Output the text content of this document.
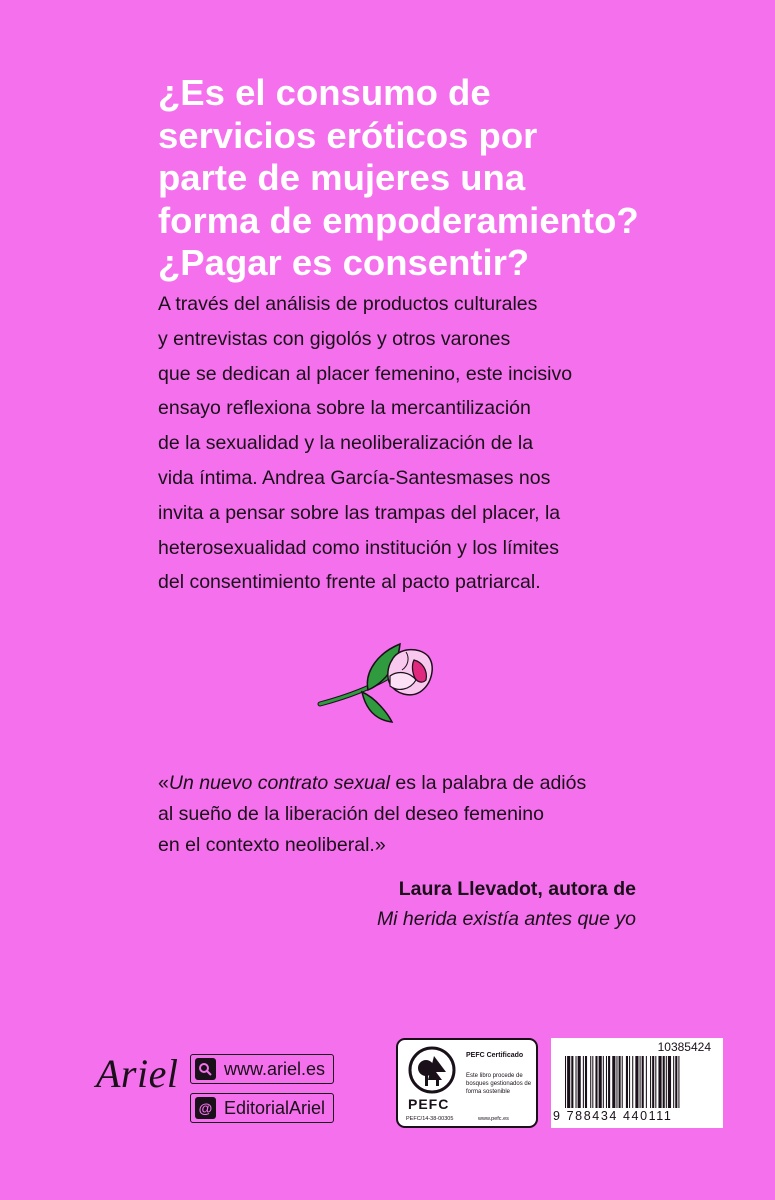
¿Es el consumo de
servicios eróticos por
parte de mujeres una
forma de empoderamiento?
¿Pagar es consentir?
A través del análisis de productos culturales
y entrevistas con gigolós y otros varones
que se dedican al placer femenino, este incisivo
ensayo reflexiona sobre la mercantilización
de la sexualidad y la neoliberalización de la
vida íntima. Andrea García-Santesmases nos
invita a pensar sobre las trampas del placer, la
heterosexualidad como institución y los límites
del consentimiento frente al pacto patriarcal.
«Un nuevo contrato sexual es la palabra de adiós
al sueño de la liberación del deseo femenino
en el contexto neoliberal.»
Laura Llevadot, autora de
Mi herida existía antes que yo
Ariel	www.ariel.es
@ EditorialAriel	PEFC
PEFC Certificado
Este libro procede de bosques gestionados de forma sostenible
PEFC/14-38-00305	www.pefc.es
10385424
9 788434 440111
